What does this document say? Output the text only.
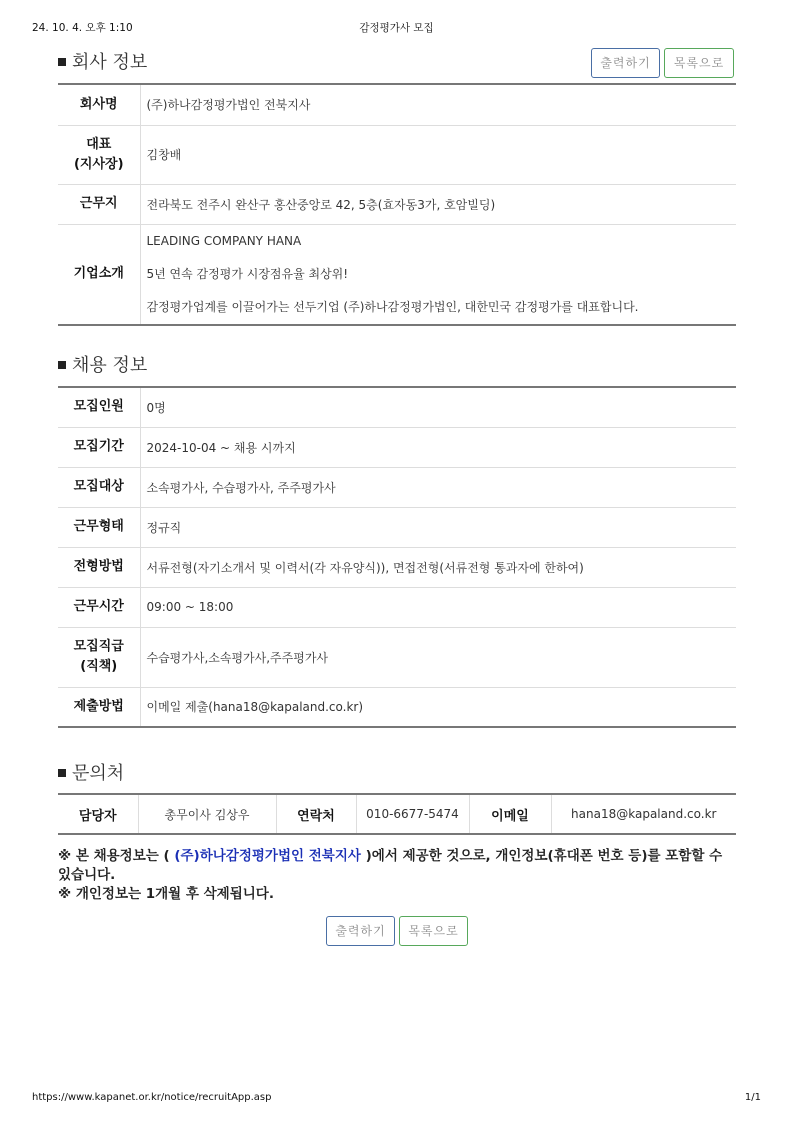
24. 10. 4. 오후 1:10	감정평가사 모집
회사 정보	출력하기	목록으로
회사명	(주)하나감정평가법인 전북지사

대표
(지사장)	김창배
근무지	전라북도 전주시 완산구 홍산중앙로 42, 5층(효자동3가, 호암빌딩)
기업소개	LEADING COMPANY HANA
5년 연속 감정평가 시장점유율 최상위!
감정평가업계를 이끌어가는 선두기업 (주)하나감정평가법인, 대한민국 감정평가를 대표합니다.
채용 정보
모집인원	0명
모집기간	2024-10-04 ~ 채용 시까지
모집대상	소속평가사, 수습평가사, 주주평가사
근무형태	정규직
전형방법	서류전형(자기소개서 및 이력서(각 자유양식)), 면접전형(서류전형 통과자에 한하여)
근무시간	09:00 ~ 18:00

모집직급
(직책)	수습평가사,소속평가사,주주평가사
제출방법	이메일 제출(hana18@kapaland.co.kr)
문의처
담당자	총무이사 김상우	연락처	010-6677-5474	이메일	hana18@kapaland.co.kr
※ 본 채용정보는 ( (주)하나감정평가법인 전북지사 )에서 제공한 것으로, 개인정보(휴대폰 번호 등)를 포함할 수 있습니다.
※ 개인정보는 1개월 후 삭제됩니다.
출력하기	목록으로
https://www.kapanet.or.kr/notice/recruitApp.asp	1/1
